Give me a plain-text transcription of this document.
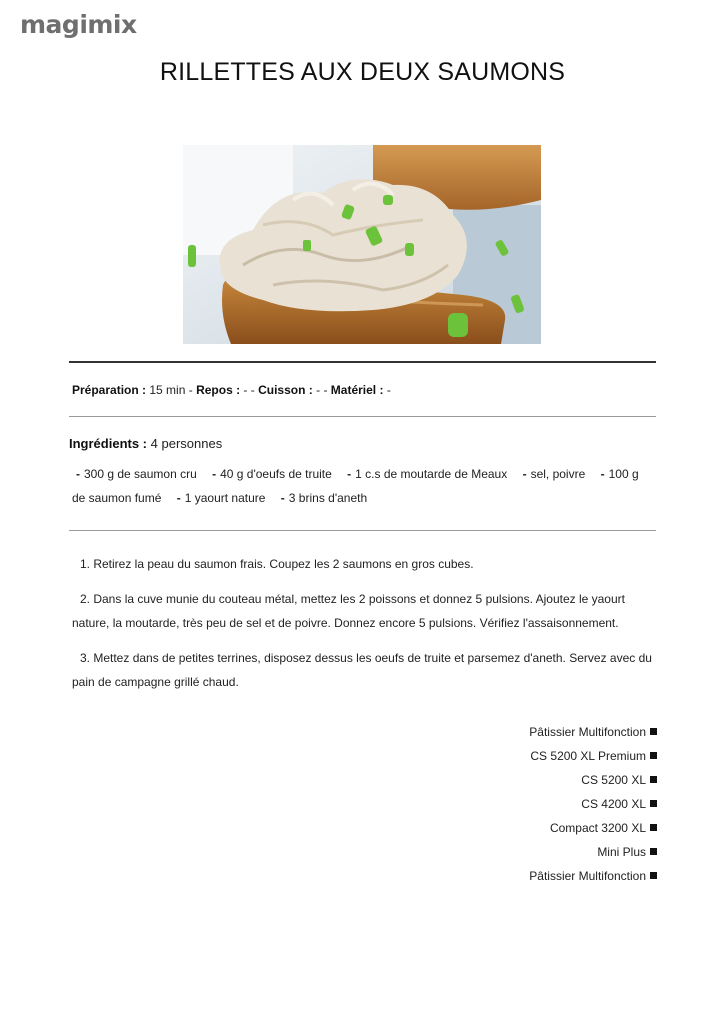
magimix
RILLETTES AUX DEUX SAUMONS
Préparation : 15 min - Repos : - - Cuisson : - - Matériel : -
Ingrédients : 4 personnes
- 300 g de saumon cru - 40 g d'oeufs de truite - 1 c.s de moutarde de Meaux - sel, poivre - 100 g de saumon fumé - 1 yaourt nature - 3 brins d'aneth

1. Retirez la peau du saumon frais. Coupez les 2 saumons en gros cubes.

2. Dans la cuve munie du couteau métal, mettez les 2 poissons et donnez 5 pulsions. Ajoutez le yaourt nature, la moutarde, très peu de sel et de poivre. Donnez encore 5 pulsions. Vérifiez l'assaisonnement.

3. Mettez dans de petites terrines, disposez dessus les oeufs de truite et parsemez d'aneth. Servez avec du pain de campagne grillé chaud.

Pâtissier Multifonction
CS 5200 XL Premium
CS 5200 XL
CS 4200 XL
Compact 3200 XL
Mini Plus
Pâtissier Multifonction
